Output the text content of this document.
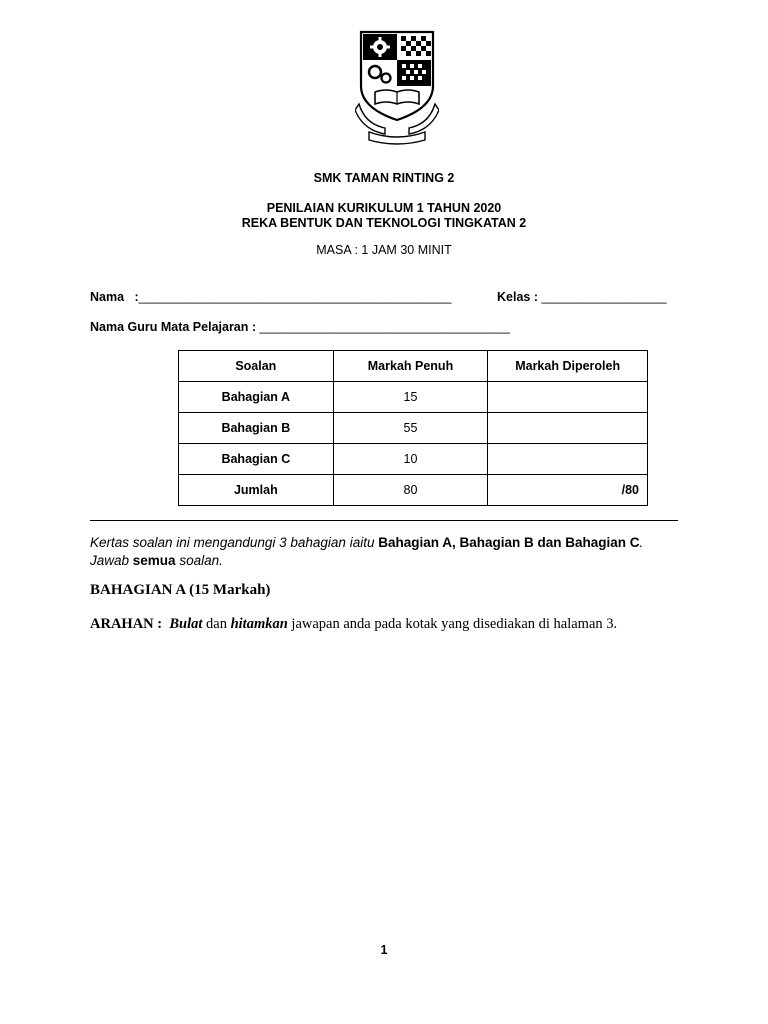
SMK TAMAN RINTING 2
PENILAIAN KURIKULUM 1 TAHUN 2020
REKA BENTUK DAN TEKNOLOGI TINGKATAN 2
MASA : 1 JAM 30 MINIT
Nama   :_____________________________________________	Kelas : __________________
Nama Guru Mata Pelajaran : ____________________________________
Soalan	Markah Penuh	Markah Diperoleh
Bahagian A	15	
Bahagian B	55	
Bahagian C	10	
Jumlah	80	/80
Kertas soalan ini mengandungi 3 bahagian iaitu Bahagian A, Bahagian B dan Bahagian C.
Jawab semua soalan.
BAHAGIAN A (15 Markah)
ARAHAN : Bulat dan hitamkan jawapan anda pada kotak yang disediakan di halaman 3.
1
